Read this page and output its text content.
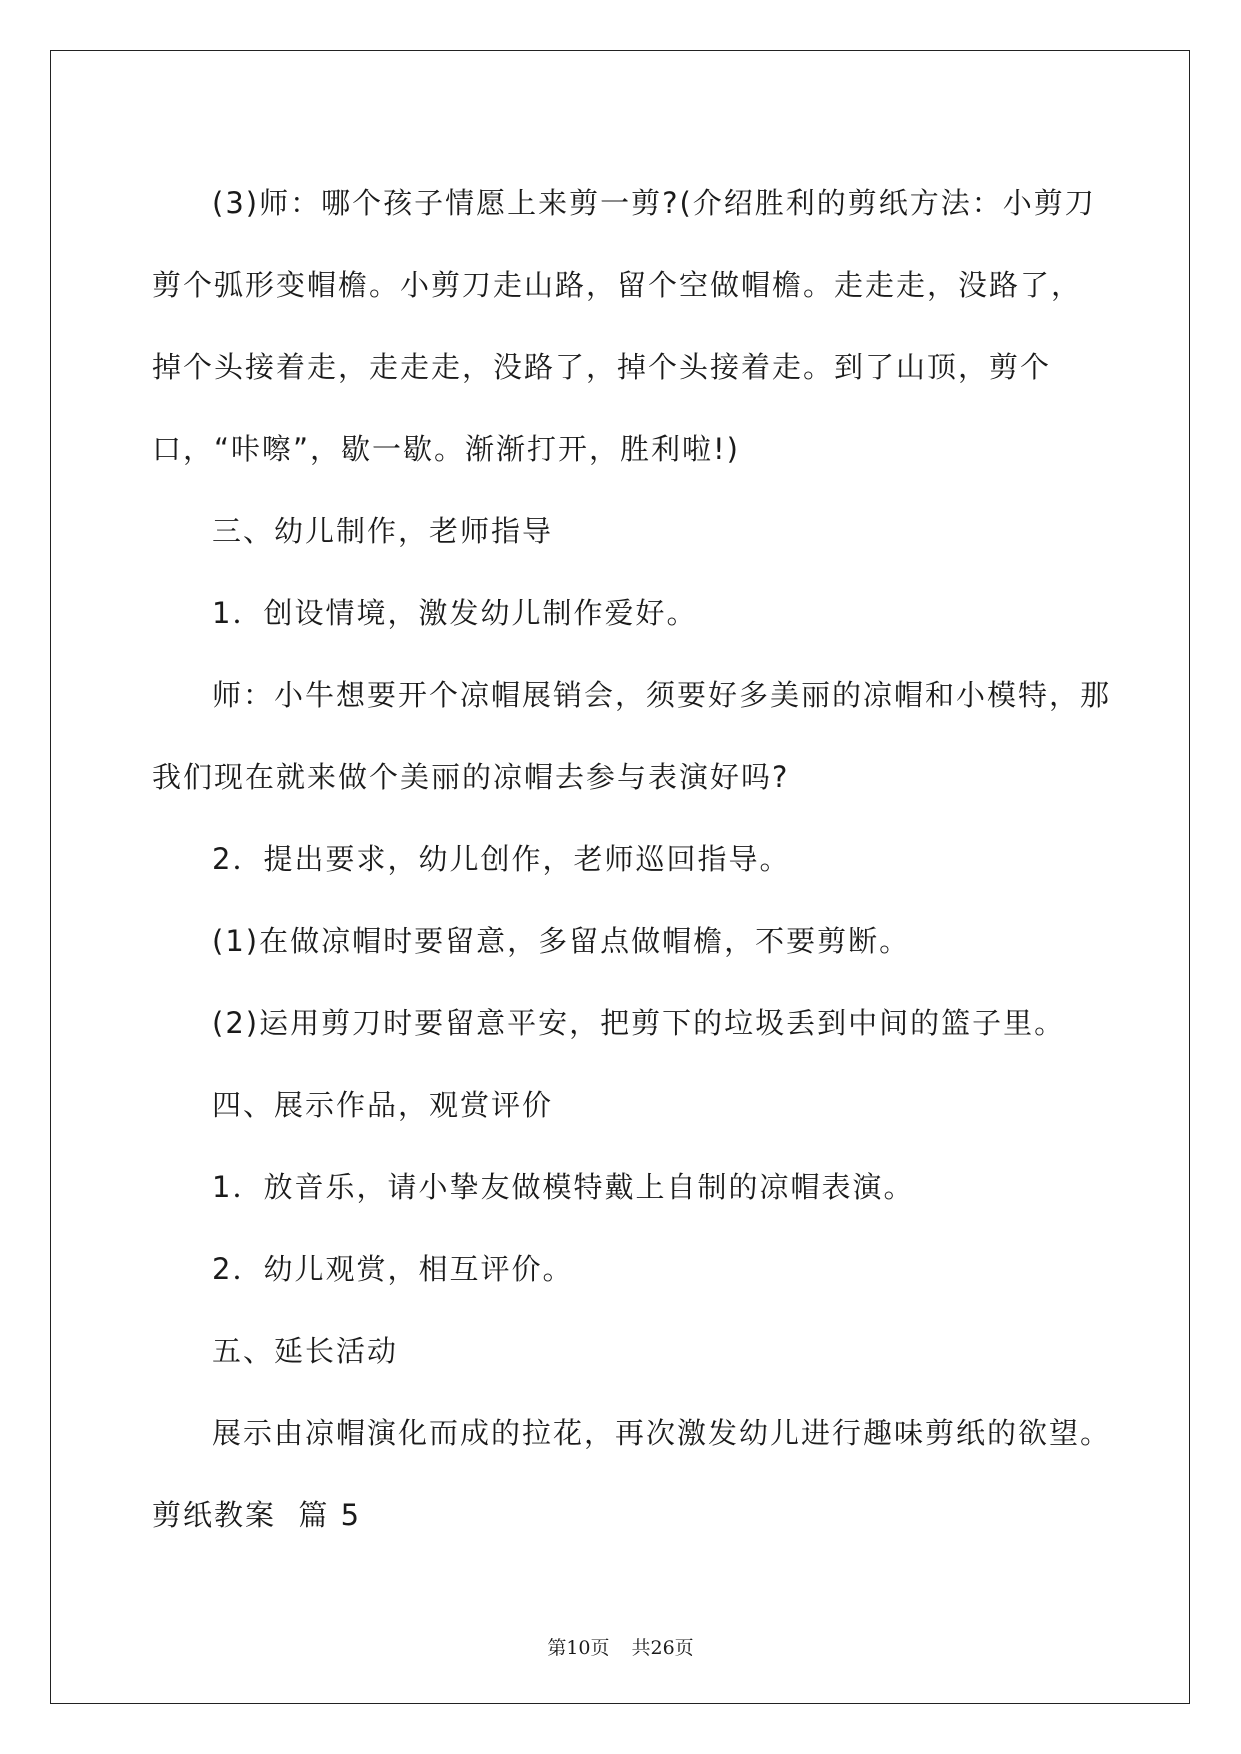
(3)师：哪个孩子情愿上来剪一剪?(介绍胜利的剪纸方法：小剪刀剪个弧形变帽檐。小剪刀走山路，留个空做帽檐。走走走，没路了，掉个头接着走，走走走，没路了，掉个头接着走。到了山顶，剪个口，“咔嚓”，歇一歇。渐渐打开，胜利啦!)

三、幼儿制作，老师指导

1．创设情境，激发幼儿制作爱好。

师：小牛想要开个凉帽展销会，须要好多美丽的凉帽和小模特，那我们现在就来做个美丽的凉帽去参与表演好吗?

2．提出要求，幼儿创作，老师巡回指导。

(1)在做凉帽时要留意，多留点做帽檐，不要剪断。

(2)运用剪刀时要留意平安，把剪下的垃圾丢到中间的篮子里。

四、展示作品，观赏评价

1．放音乐，请小挚友做模特戴上自制的凉帽表演。

2．幼儿观赏，相互评价。

五、延长活动

展示由凉帽演化而成的拉花，再次激发幼儿进行趣味剪纸的欲望。

剪纸教案  篇 5

第10页 共26页
